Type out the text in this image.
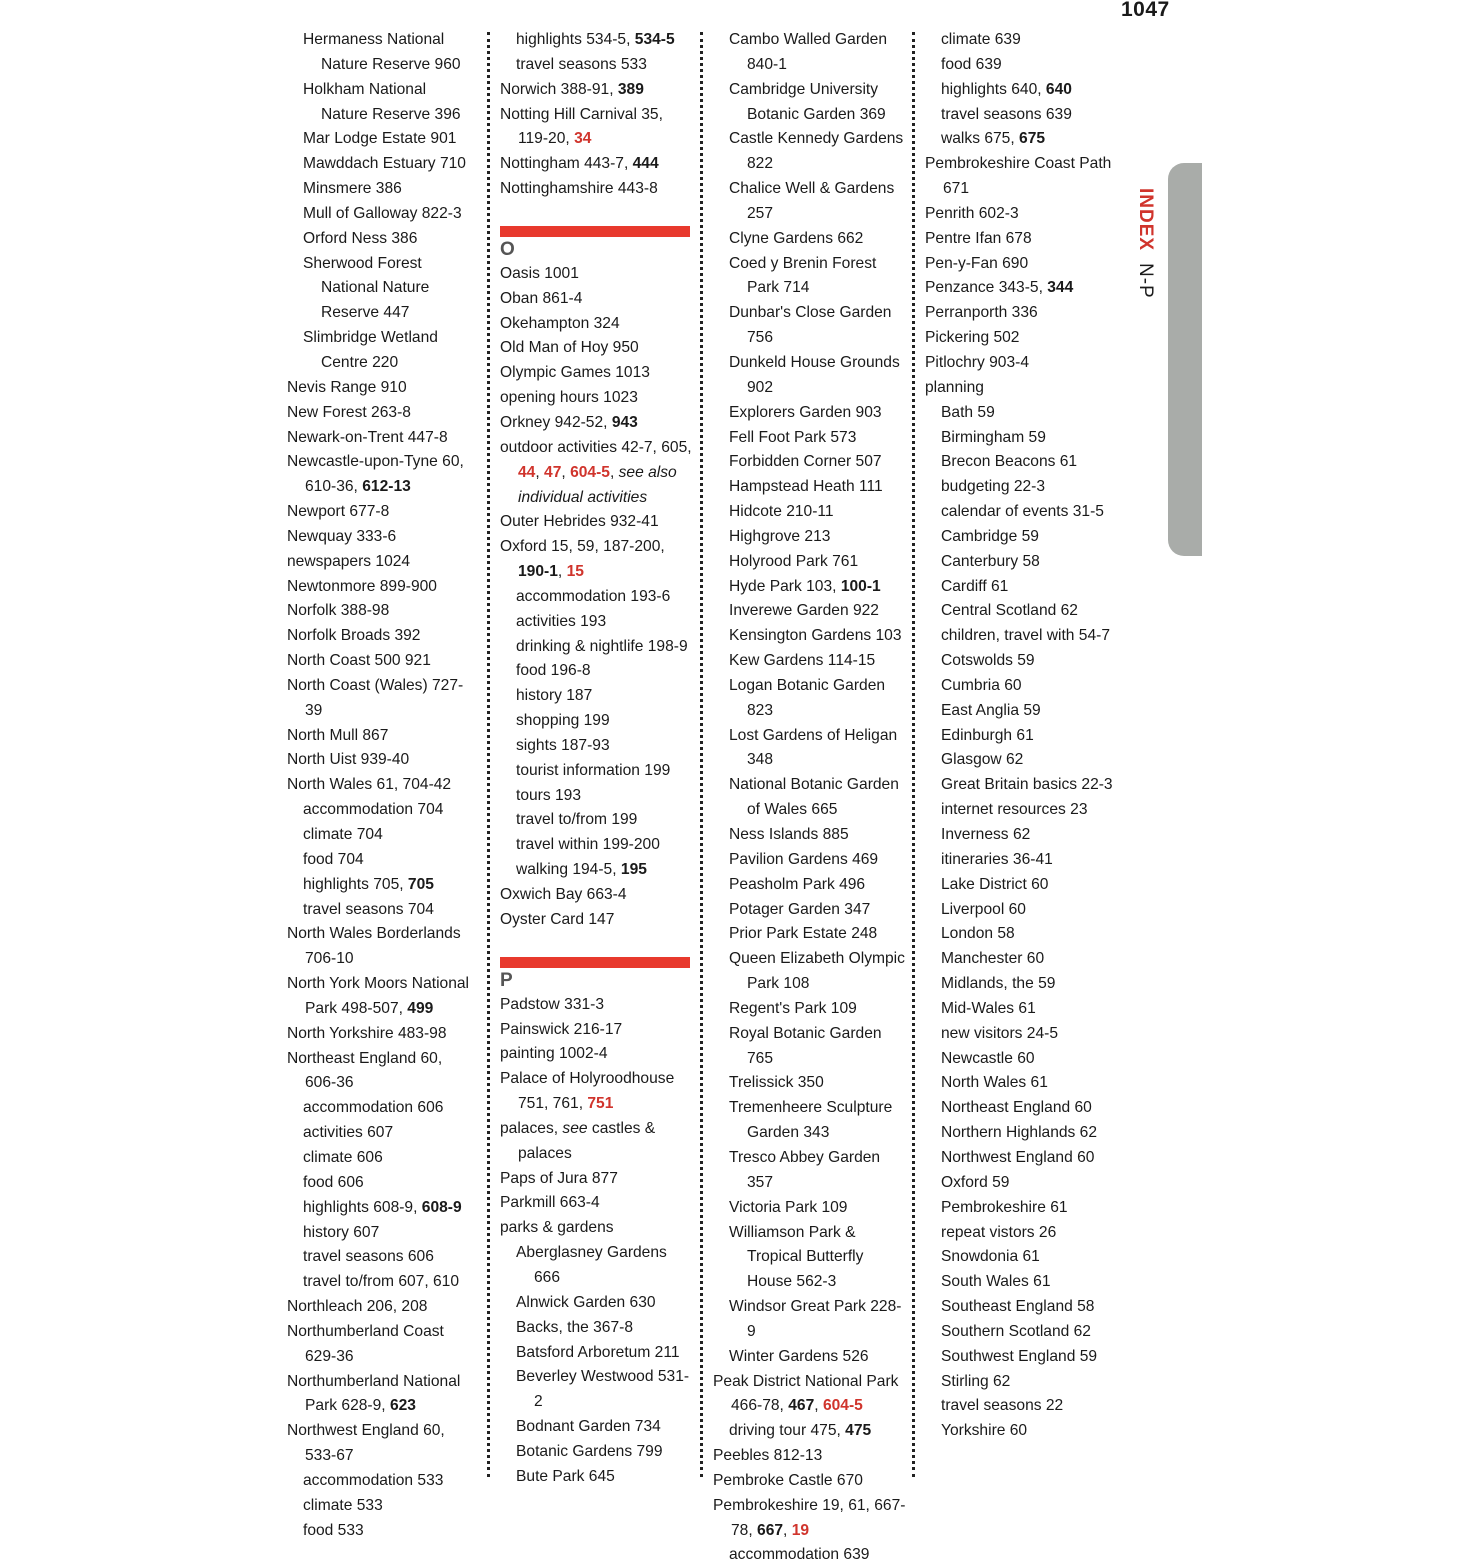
1047
Hermaness National Nature Reserve 960
Holkham National Nature Reserve 396
Mar Lodge Estate 901
Mawddach Estuary 710
Minsmere 386
Mull of Galloway 822-3
Orford Ness 386
Sherwood Forest National Nature Reserve 447
Slimbridge Wetland Centre 220
Nevis Range 910
New Forest 263-8
Newark-on-Trent 447-8
Newcastle-upon-Tyne 60, 610-36, 612-13
Newport 677-8
Newquay 333-6
newspapers 1024
Newtonmore 899-900
Norfolk 388-98
Norfolk Broads 392
North Coast 500 921
North Coast (Wales) 727-39
North Mull 867
North Uist 939-40
North Wales 61, 704-42
accommodation 704
climate 704
food 704
highlights 705, 705
travel seasons 704
North Wales Borderlands 706-10
North York Moors National Park 498-507, 499
North Yorkshire 483-98
Northeast England 60, 606-36
accommodation 606
activities 607
climate 606
food 606
highlights 608-9, 608-9
history 607
travel seasons 606
travel to/from 607, 610
Northleach 206, 208
Northumberland Coast 629-36
Northumberland National Park 628-9, 623
Northwest England 60, 533-67
accommodation 533
climate 533
food 533
highlights 534-5, 534-5
travel seasons 533
Norwich 388-91, 389
Notting Hill Carnival 35, 119-20, 34
Nottingham 443-7, 444
Nottinghamshire 443-8
O
Oasis 1001
Oban 861-4
Okehampton 324
Old Man of Hoy 950
Olympic Games 1013
opening hours 1023
Orkney 942-52, 943
outdoor activities 42-7, 605, 44, 47, 604-5, see also individual activities
Outer Hebrides 932-41
Oxford 15, 59, 187-200, 190-1, 15
accommodation 193-6
activities 193
drinking & nightlife 198-9
food 196-8
history 187
shopping 199
sights 187-93
tourist information 199
tours 193
travel to/from 199
travel within 199-200
walking 194-5, 195
Oxwich Bay 663-4
Oyster Card 147
P
Padstow 331-3
Painswick 216-17
painting 1002-4
Palace of Holyroodhouse 751, 761, 751
palaces, see castles & palaces
Paps of Jura 877
Parkmill 663-4
parks & gardens
Aberglasney Gardens 666
Alnwick Garden 630
Backs, the 367-8
Batsford Arboretum 211
Beverley Westwood 531-2
Bodnant Garden 734
Botanic Gardens 799
Bute Park 645
Cambo Walled Garden 840-1
Cambridge University Botanic Garden 369
Castle Kennedy Gardens 822
Chalice Well & Gardens 257
Clyne Gardens 662
Coed y Brenin Forest Park 714
Dunbar's Close Garden 756
Dunkeld House Grounds 902
Explorers Garden 903
Fell Foot Park 573
Forbidden Corner 507
Hampstead Heath 111
Hidcote 210-11
Highgrove 213
Holyrood Park 761
Hyde Park 103, 100-1
Inverewe Garden 922
Kensington Gardens 103
Kew Gardens 114-15
Logan Botanic Garden 823
Lost Gardens of Heligan 348
National Botanic Garden of Wales 665
Ness Islands 885
Pavilion Gardens 469
Peasholm Park 496
Potager Garden 347
Prior Park Estate 248
Queen Elizabeth Olympic Park 108
Regent's Park 109
Royal Botanic Garden 765
Trelissick 350
Tremenheere Sculpture Garden 343
Tresco Abbey Garden 357
Victoria Park 109
Williamson Park & Tropical Butterfly House 562-3
Windsor Great Park 228-9
Winter Gardens 526
Peak District National Park 466-78, 467, 604-5
driving tour 475, 475
Peebles 812-13
Pembroke Castle 670
Pembrokeshire 19, 61, 667-78, 667, 19
accommodation 639
climate 639
food 639
highlights 640, 640
travel seasons 639
walks 675, 675
Pembrokeshire Coast Path 671
Penrith 602-3
Pentre Ifan 678
Pen-y-Fan 690
Penzance 343-5, 344
Perranporth 336
Pickering 502
Pitlochry 903-4
planning
Bath 59
Birmingham 59
Brecon Beacons 61
budgeting 22-3
calendar of events 31-5
Cambridge 59
Canterbury 58
Cardiff 61
Central Scotland 62
children, travel with 54-7
Cotswolds 59
Cumbria 60
East Anglia 59
Edinburgh 61
Glasgow 62
Great Britain basics 22-3
internet resources 23
Inverness 62
itineraries 36-41
Lake District 60
Liverpool 60
London 58
Manchester 60
Midlands, the 59
Mid-Wales 61
new visitors 24-5
Newcastle 60
North Wales 61
Northeast England 60
Northern Highlands 62
Northwest England 60
Oxford 59
Pembrokeshire 61
repeat vistors 26
Snowdonia 61
South Wales 61
Southeast England 58
Southern Scotland 62
Southwest England 59
Stirling 62
travel seasons 22
Yorkshire 60
INDEX N-P
